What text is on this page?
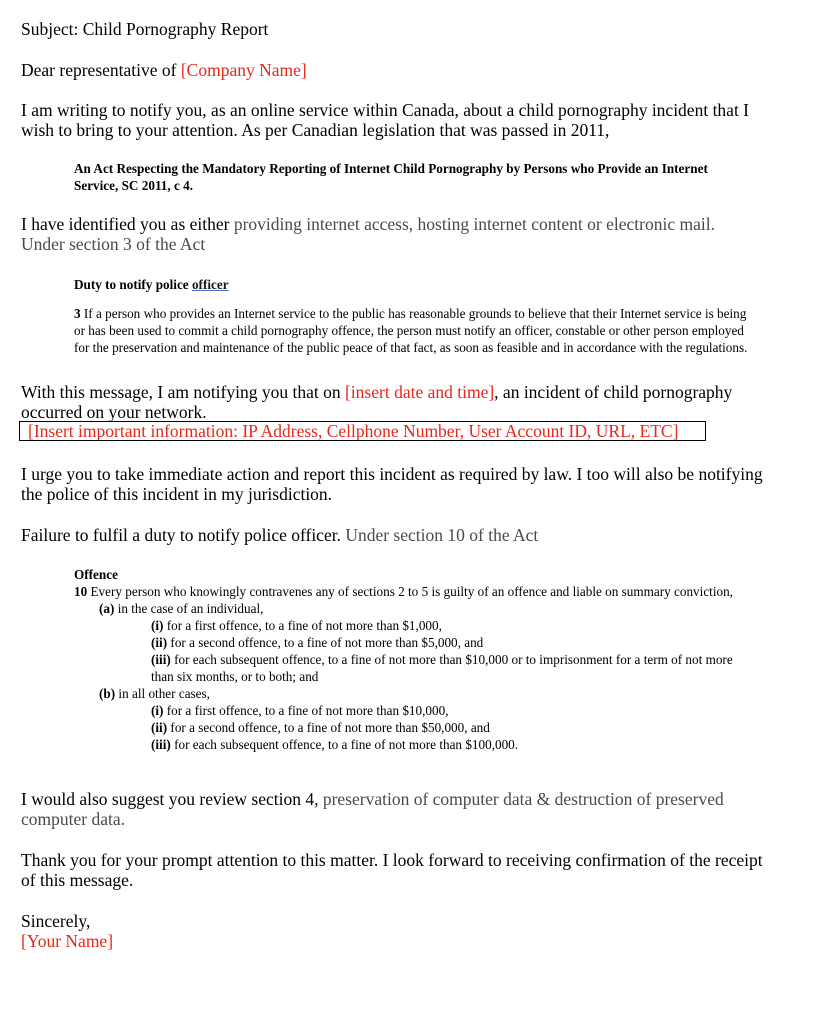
Subject: Child Pornography Report

Dear representative of [Company Name]

I am writing to notify you, as an online service within Canada, about a child pornography incident that I wish to bring to your attention. As per Canadian legislation that was passed in 2011,

An Act Respecting the Mandatory Reporting of Internet Child Pornography by Persons who Provide an Internet Service, SC 2011, c 4.

I have identified you as either providing internet access, hosting internet content or electronic mail.
Under section 3 of the Act

Duty to notify police officer

3 If a person who provides an Internet service to the public has reasonable grounds to believe that their Internet service is being or has been used to commit a child pornography offence, the person must notify an officer, constable or other person employed for the preservation and maintenance of the public peace of that fact, as soon as feasible and in accordance with the regulations.

With this message, I am notifying you that on [insert date and time], an incident of child pornography occurred on your network.

[Insert important information: IP Address, Cellphone Number, User Account ID, URL, ETC]

I urge you to take immediate action and report this incident as required by law. I too will also be notifying the police of this incident in my jurisdiction.

Failure to fulfil a duty to notify police officer. Under section 10 of the Act

Offence
10 Every person who knowingly contravenes any of sections 2 to 5 is guilty of an offence and liable on summary conviction,
(a) in the case of an individual,
(i) for a first offence, to a fine of not more than $1,000,
(ii) for a second offence, to a fine of not more than $5,000, and
(iii) for each subsequent offence, to a fine of not more than $10,000 or to imprisonment for a term of not more than six months, or to both; and
(b) in all other cases,
(i) for a first offence, to a fine of not more than $10,000,
(ii) for a second offence, to a fine of not more than $50,000, and
(iii) for each subsequent offence, to a fine of not more than $100,000.

I would also suggest you review section 4, preservation of computer data & destruction of preserved computer data.

Thank you for your prompt attention to this matter. I look forward to receiving confirmation of the receipt of this message.

Sincerely,

[Your Name]
